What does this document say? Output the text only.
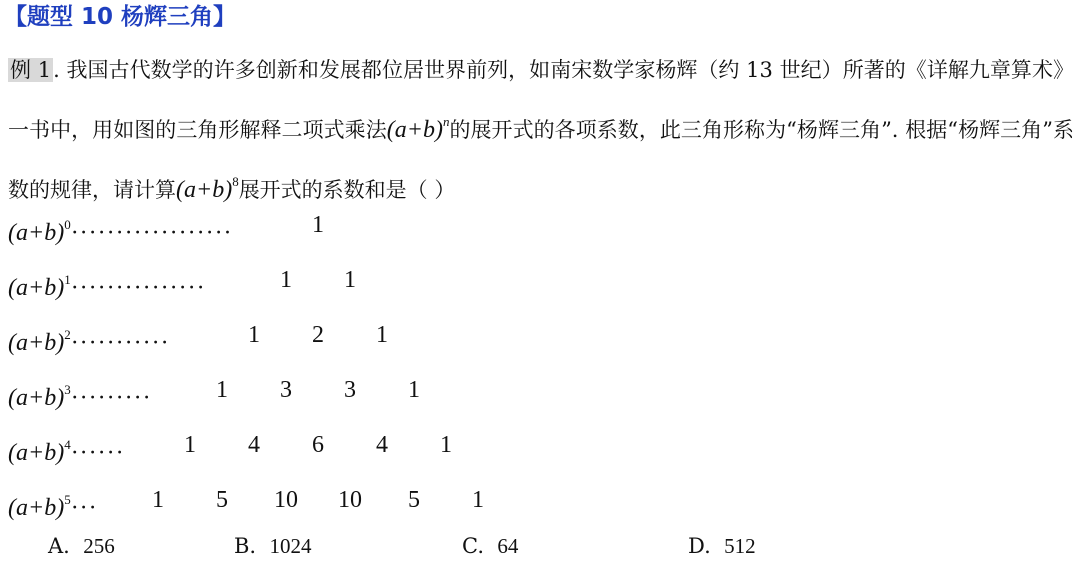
【题型 10 杨辉三角】
例 1. 我国古代数学的许多创新和发展都位居世界前列，如南宋数学家杨辉（约 13 世纪）所著的《详解九章算术》一书中，用如图的三角形解释二项式乘法$(a+b)^n$的展开式的各项系数，此三角形称为“杨辉三角”. 根据“杨辉三角”系数的规律，请计算$(a+b)^8$展开式的系数和是（ ）
$(a+b)^0\cdot\cdot\cdot\cdot\cdot\cdot\cdot\cdot\cdot\cdot\cdot\cdot\cdot\cdot\cdot\cdot\cdot\cdot$	1
$(a+b)^1\cdot\cdot\cdot\cdot\cdot\cdot\cdot\cdot\cdot\cdot\cdot\cdot\cdot\cdot\cdot$	1 1
$(a+b)^2\cdot\cdot\cdot\cdot\cdot\cdot\cdot\cdot\cdot\cdot\cdot$	1 2 1
$(a+b)^3\cdot\cdot\cdot\cdot\cdot\cdot\cdot\cdot\cdot$	1 3 3 1
$(a+b)^4\cdot\cdot\cdot\cdot\cdot\cdot 1$ 4 6 4 1
$(a+b)^5\cdot\cdot\cdot 1$ 5 10 10 5 1
A. 256	B. 1024	C. 64	D. 512
